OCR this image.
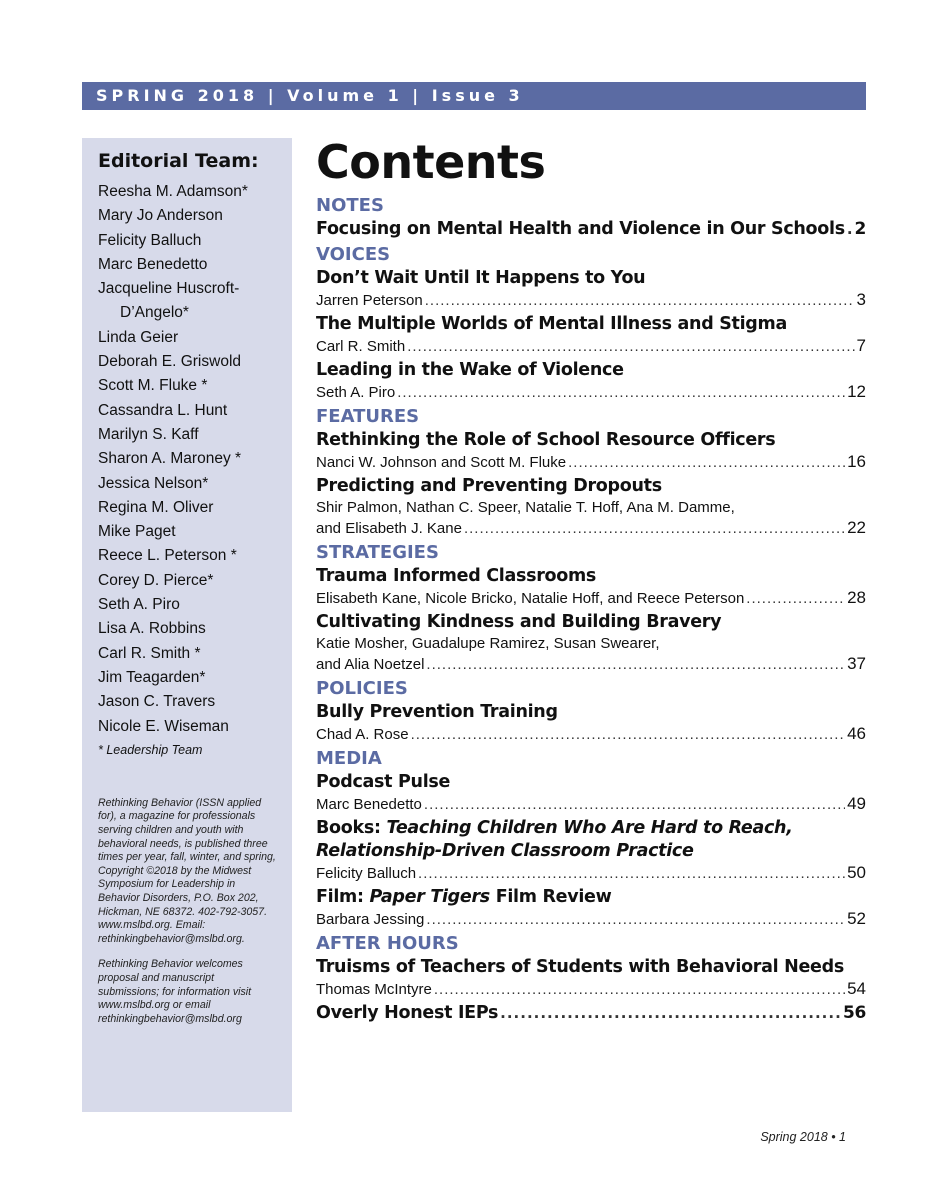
SPRING 2018 | Volume 1 | Issue 3
Editorial Team:
Reesha M. Adamson*
Mary Jo Anderson
Felicity Balluch
Marc Benedetto
Jacqueline Huscroft-
D’Angelo*
Linda Geier
Deborah E. Griswold
Scott M. Fluke *
Cassandra L. Hunt
Marilyn S. Kaff
Sharon A. Maroney *
Jessica Nelson*
Regina M. Oliver
Mike Paget
Reece L. Peterson *
Corey D. Pierce*
Seth A. Piro
Lisa A. Robbins
Carl R. Smith *
Jim Teagarden*
Jason C. Travers
Nicole E. Wiseman
* Leadership Team

Rethinking Behavior (ISSN applied for), a magazine for professionals serving children and youth with behavioral needs, is published three times per year, fall, winter, and spring, Copyright ©2018 by the Midwest Symposium for Leadership in Behavior Disorders, P.O. Box 202, Hickman, NE 68372. 402-792-3057. www.mslbd.org. Email: rethinkingbehavior@mslbd.org.

Rethinking Behavior welcomes proposal and manuscript submissions; for information visit www.mslbd.org or email rethinkingbehavior@mslbd.org

Contents
NOTES
Focusing on Mental Health and Violence in Our Schools ..... 2
VOICES
Don’t Wait Until It Happens to You
Jarren Peterson .....	3
The Multiple Worlds of Mental Illness and Stigma
Carl R. Smith .....	7
Leading in the Wake of Violence
Seth A. Piro .....	12
FEATURES
Rethinking the Role of School Resource Officers
Nanci W. Johnson and Scott M. Fluke .....	16
Predicting and Preventing Dropouts
Shir Palmon, Nathan C. Speer, Natalie T. Hoff, Ana M. Damme,
and Elisabeth J. Kane .....	22
STRATEGIES
Trauma Informed Classrooms
Elisabeth Kane, Nicole Bricko, Natalie Hoff, and Reece Peterson .....	28
Cultivating Kindness and Building Bravery
Katie Mosher, Guadalupe Ramirez, Susan Swearer,
and Alia Noetzel .....	37
POLICIES
Bully Prevention Training
Chad A. Rose .....	46
MEDIA
Podcast Pulse
Marc Benedetto .....	49
Books: Teaching Children Who Are Hard to Reach,
Relationship-Driven Classroom Practice
Felicity Balluch .....	50
Film: Paper Tigers Film Review
Barbara Jessing .....	52
AFTER HOURS
Truisms of Teachers of Students with Behavioral Needs
Thomas McIntyre .....	54
Overly Honest IEPs .....	56
Spring 2018 • 1
